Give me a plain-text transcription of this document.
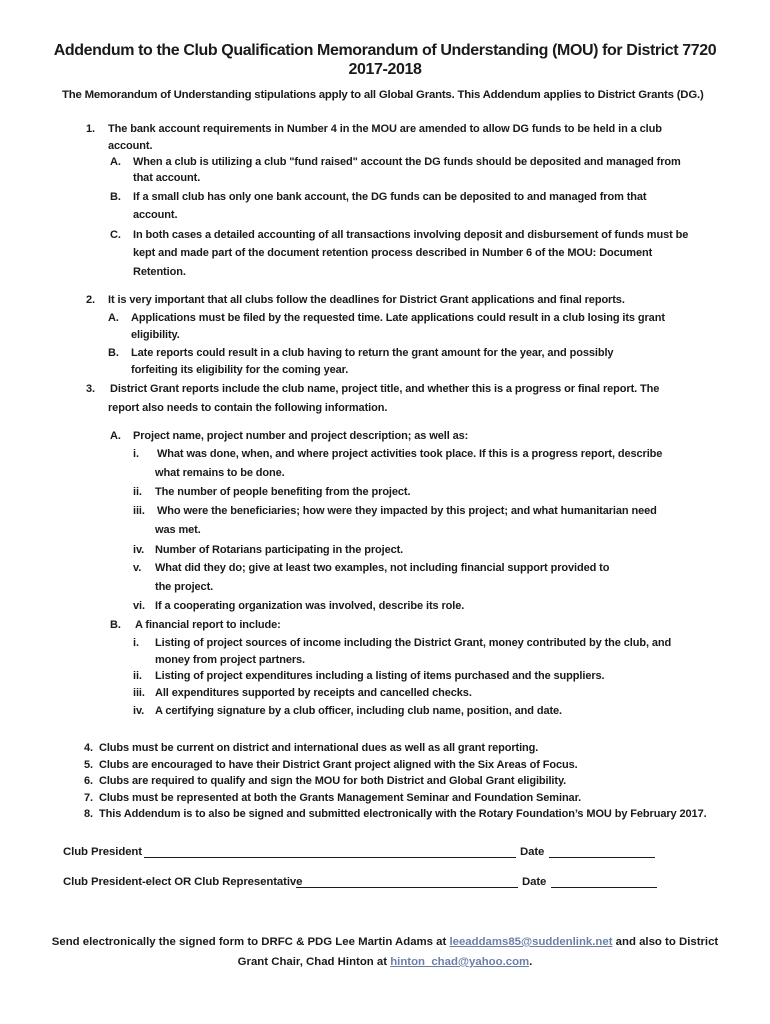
Addendum to the Club Qualification Memorandum of Understanding (MOU) for District 7720
2017-2018
The Memorandum of Understanding stipulations apply to all Global Grants. This Addendum applies to District Grants (DG.)
1. The bank account requirements in Number 4 in the MOU are amended to allow DG funds to be held in a club
account.
A. When a club is utilizing a club "fund raised" account the DG funds should be deposited and managed from
that account.
B. If a small club has only one bank account, the DG funds can be deposited to and managed from that
account.
C. In both cases a detailed accounting of all transactions involving deposit and disbursement of funds must be
kept and made part of the document retention process described in Number 6 of the MOU: Document
Retention.
2. It is very important that all clubs follow the deadlines for District Grant applications and final reports.
A. Applications must be filed by the requested time. Late applications could result in a club losing its grant
eligibility.
B. Late reports could result in a club having to return the grant amount for the year, and possibly
forfeiting its eligibility for the coming year.
3. District Grant reports include the club name, project title, and whether this is a progress or final report. The
report also needs to contain the following information.
A. Project name, project number and project description; as well as:
i. What was done, when, and where project activities took place. If this is a progress report, describe
what remains to be done.
ii. The number of people benefiting from the project.
iii. Who were the beneficiaries; how were they impacted by this project; and what humanitarian need
was met.
iv. Number of Rotarians participating in the project.
v. What did they do; give at least two examples, not including financial support provided to
the project.
vi. If a cooperating organization was involved, describe its role.
B. A financial report to include:
i. Listing of project sources of income including the District Grant, money contributed by the club, and
money from project partners.
ii. Listing of project expenditures including a listing of items purchased and the suppliers.
iii. All expenditures supported by receipts and cancelled checks.
iv. A certifying signature by a club officer, including club name, position, and date.
4. Clubs must be current on district and international dues as well as all grant reporting.
5. Clubs are encouraged to have their District Grant project aligned with the Six Areas of Focus.
6. Clubs are required to qualify and sign the MOU for both District and Global Grant eligibility.
7. Clubs must be represented at both the Grants Management Seminar and Foundation Seminar.
8. This Addendum is to also be signed and submitted electronically with the Rotary Foundation’s MOU by February 2017.
Club President	Date
Club President-elect OR Club Representative	Date
Send electronically the signed form to DRFC & PDG Lee Martin Adams at leeaddams85@suddenlink.net and also to District
Grant Chair, Chad Hinton at hinton_chad@yahoo.com.
